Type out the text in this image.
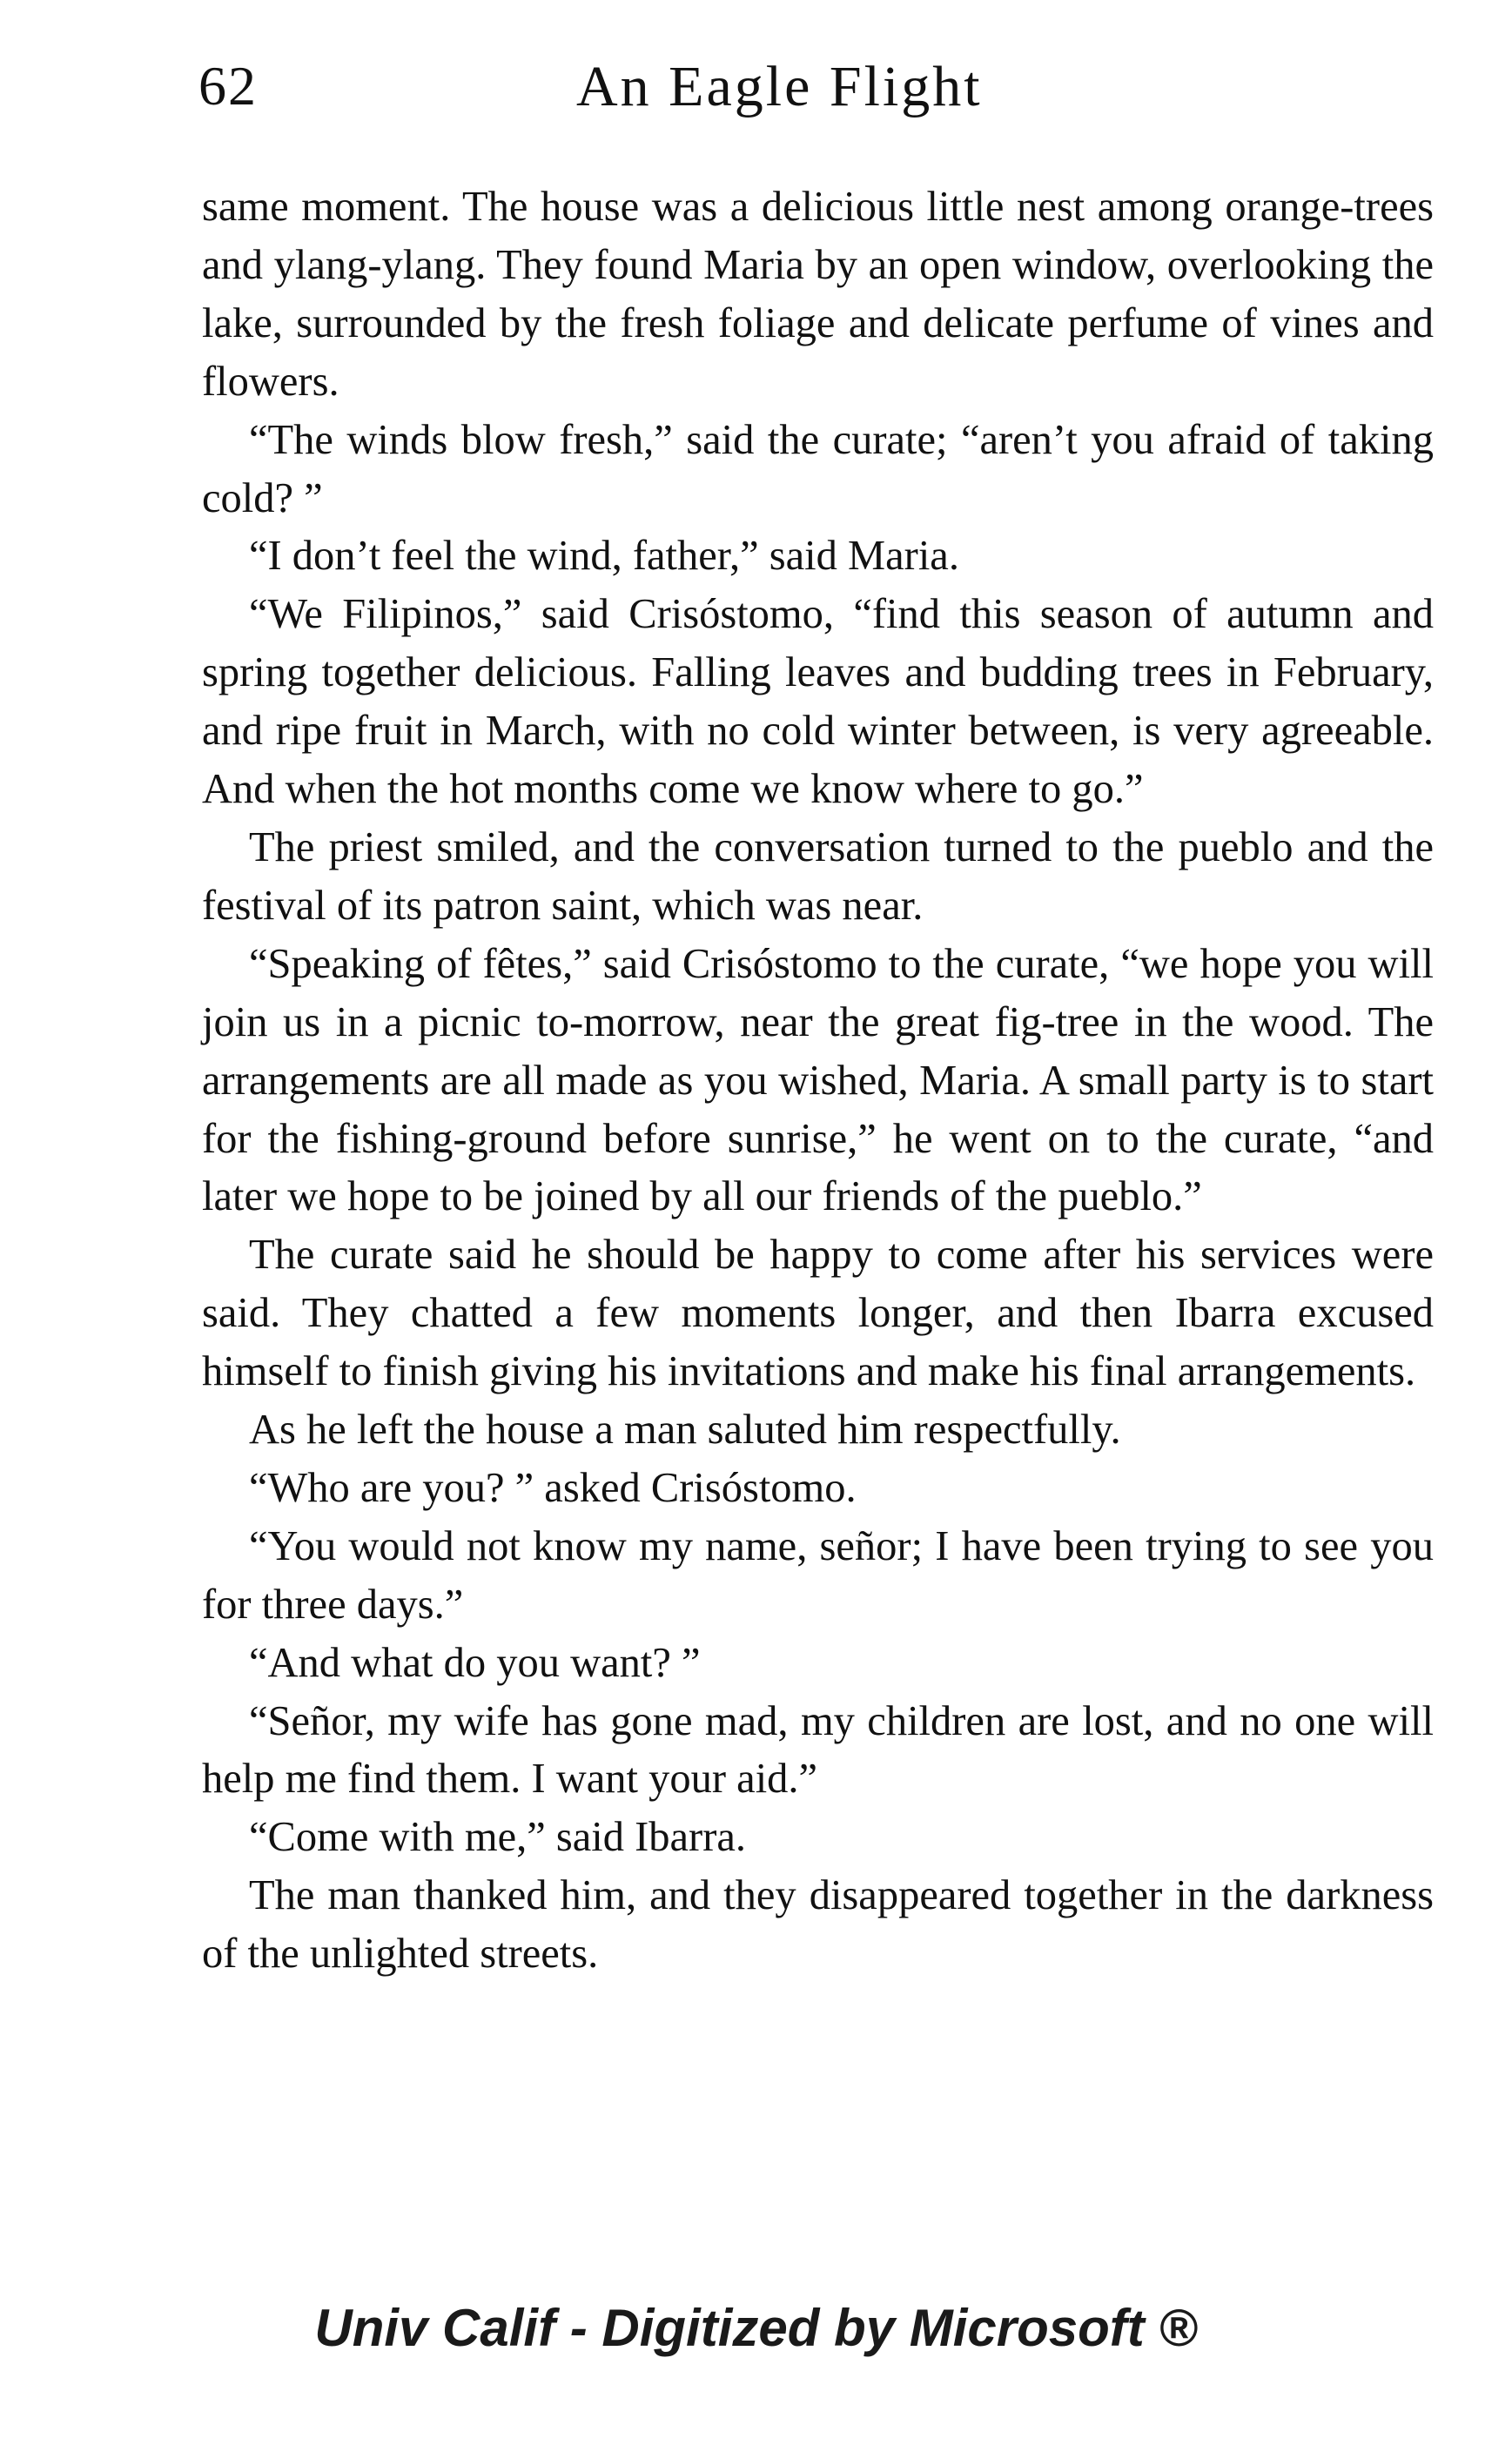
62	An Eagle Flight

same moment. The house was a delicious little nest among orange-trees and ylang-ylang. They found Maria by an open window, overlooking the lake, surrounded by the fresh foliage and delicate perfume of vines and flowers.

“The winds blow fresh,” said the curate; “aren’t you afraid of taking cold? ”

“I don’t feel the wind, father,” said Maria.

“We Filipinos,” said Crisóstomo, “find this season of autumn and spring together delicious. Falling leaves and budding trees in February, and ripe fruit in March, with no cold winter between, is very agreeable. And when the hot months come we know where to go.”

The priest smiled, and the conversation turned to the pueblo and the festival of its patron saint, which was near.

“Speaking of fêtes,” said Crisóstomo to the curate, “we hope you will join us in a picnic to-morrow, near the great fig-tree in the wood. The arrangements are all made as you wished, Maria. A small party is to start for the fishing-ground before sunrise,” he went on to the curate, “and later we hope to be joined by all our friends of the pueblo.”

The curate said he should be happy to come after his services were said. They chatted a few moments longer, and then Ibarra excused himself to finish giving his invitations and make his final arrangements.

As he left the house a man saluted him respectfully.

“Who are you? ” asked Crisóstomo.

“You would not know my name, señor; I have been trying to see you for three days.”

“And what do you want? ”

“Señor, my wife has gone mad, my children are lost, and no one will help me find them. I want your aid.”

“Come with me,” said Ibarra.

The man thanked him, and they disappeared together in the darkness of the unlighted streets.

Univ Calif - Digitized by Microsoft ®
